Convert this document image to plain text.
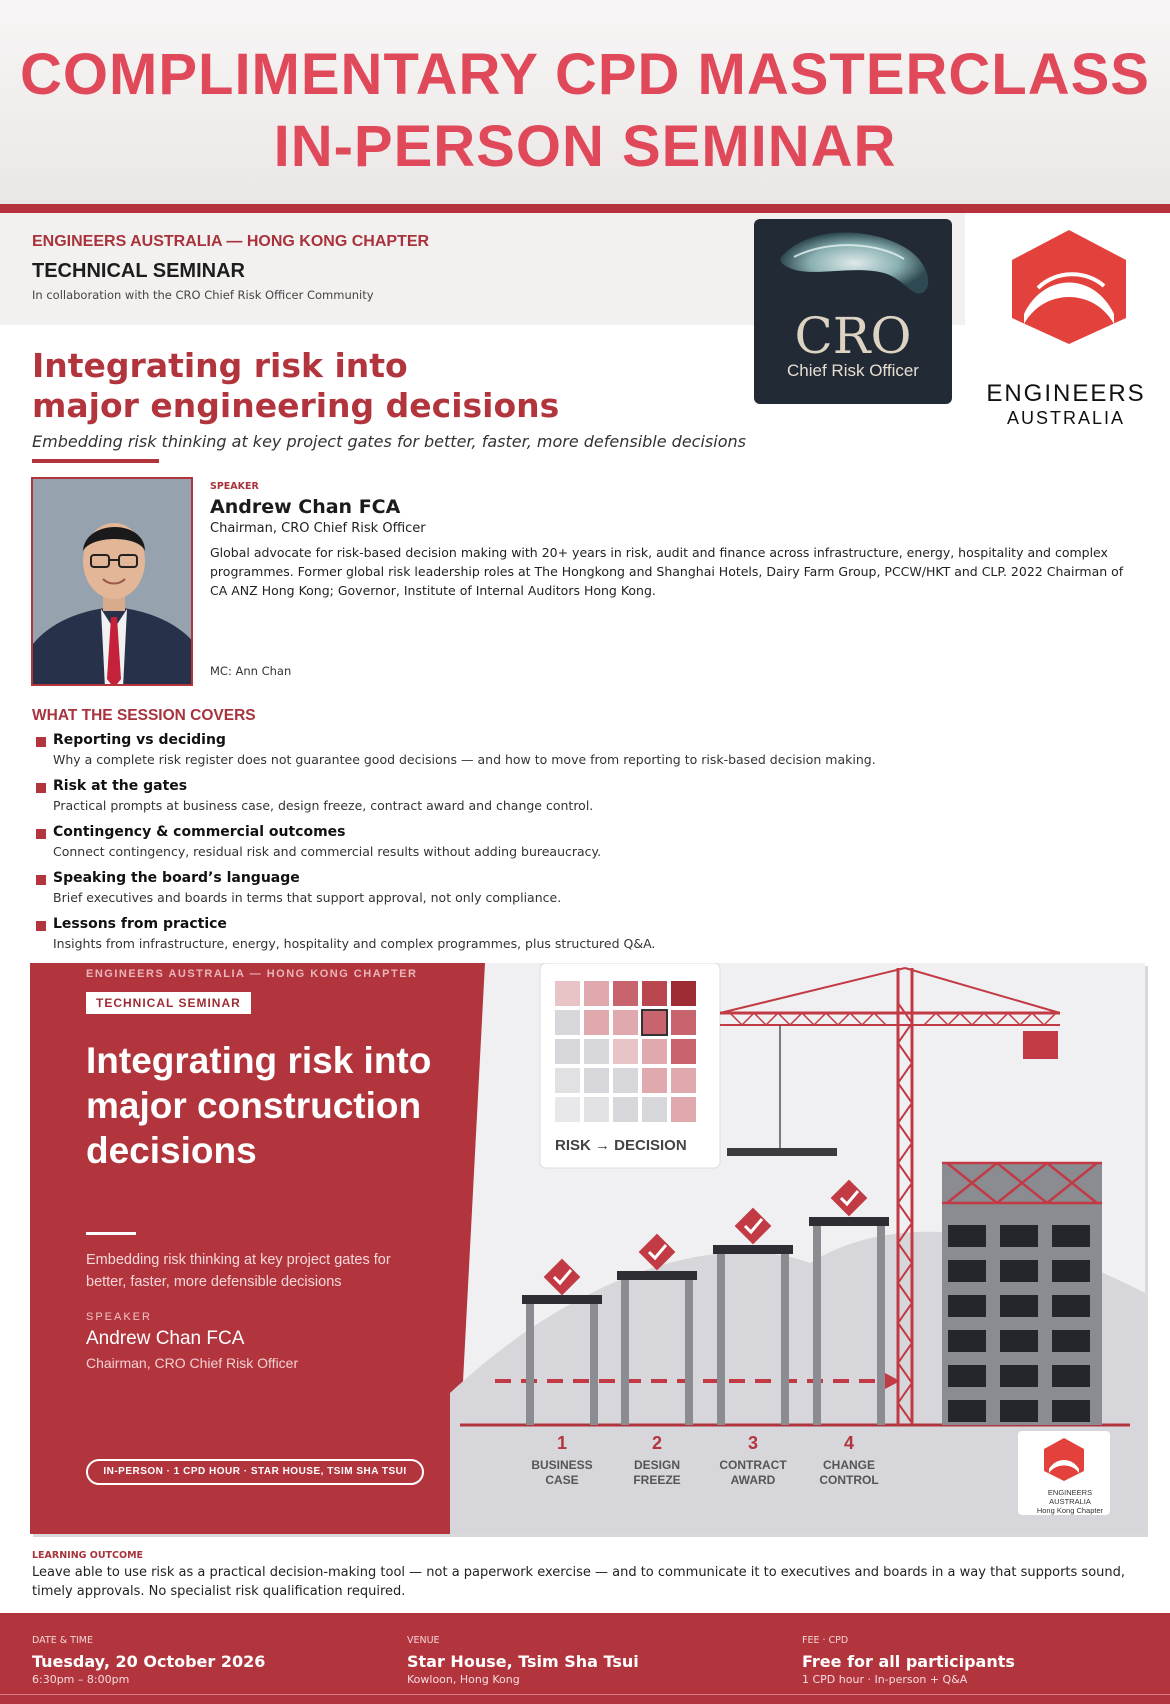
COMPLIMENTARY CPD MASTERCLASS
IN-PERSON SEMINAR
ENGINEERS AUSTRALIA — HONG KONG CHAPTER
TECHNICAL SEMINAR
In collaboration with the CRO Chief Risk Officer Community
CRO
Chief Risk Officer
ENGINEERS
AUSTRALIA
Integrating risk into
major engineering decisions
Embedding risk thinking at key project gates for better, faster, more defensible decisions
SPEAKER
Andrew Chan FCA
Chairman, CRO Chief Risk Officer
Global advocate for risk-based decision making with 20+ years in risk, audit and finance across infrastructure, energy, hospitality and complex programmes. Former global risk leadership roles at The Hongkong and Shanghai Hotels, Dairy Farm Group, PCCW/HKT and CLP. 2022 Chairman of CA ANZ Hong Kong; Governor, Institute of Internal Auditors Hong Kong.
MC: Ann Chan
WHAT THE SESSION COVERS
Reporting vs deciding
Why a complete risk register does not guarantee good decisions — and how to move from reporting to risk-based decision making.
Risk at the gates
Practical prompts at business case, design freeze, contract award and change control.
Contingency & commercial outcomes
Connect contingency, residual risk and commercial results without adding bureaucracy.
Speaking the board’s language
Brief executives and boards in terms that support approval, not only compliance.
Lessons from practice
Insights from infrastructure, energy, hospitality and complex programmes, plus structured Q&A.
ENGINEERS AUSTRALIA — HONG KONG CHAPTER
TECHNICAL SEMINAR
Integrating risk into major construction decisions
Embedding risk thinking at key project gates for better, faster, more defensible decisions
SPEAKER
Andrew Chan FCA
Chairman, CRO Chief Risk Officer
IN-PERSON · 1 CPD HOUR · STAR HOUSE, TSIM SHA TSUI
RISK → DECISION
1
BUSINESS
CASE
2
DESIGN
FREEZE
3
CONTRACT
AWARD
4
CHANGE
CONTROL
ENGINEERS
AUSTRALIA
Hong Kong Chapter
LEARNING OUTCOME
Leave able to use risk as a practical decision-making tool — not a paperwork exercise — and to communicate it to executives and boards in a way that supports sound, timely approvals. No specialist risk qualification required.
DATE & TIME
Tuesday, 20 October 2026
6:30pm – 8:00pm
VENUE
Star House, Tsim Sha Tsui
Kowloon, Hong Kong
FEE · CPD
Free for all participants
1 CPD hour · In-person + Q&A
